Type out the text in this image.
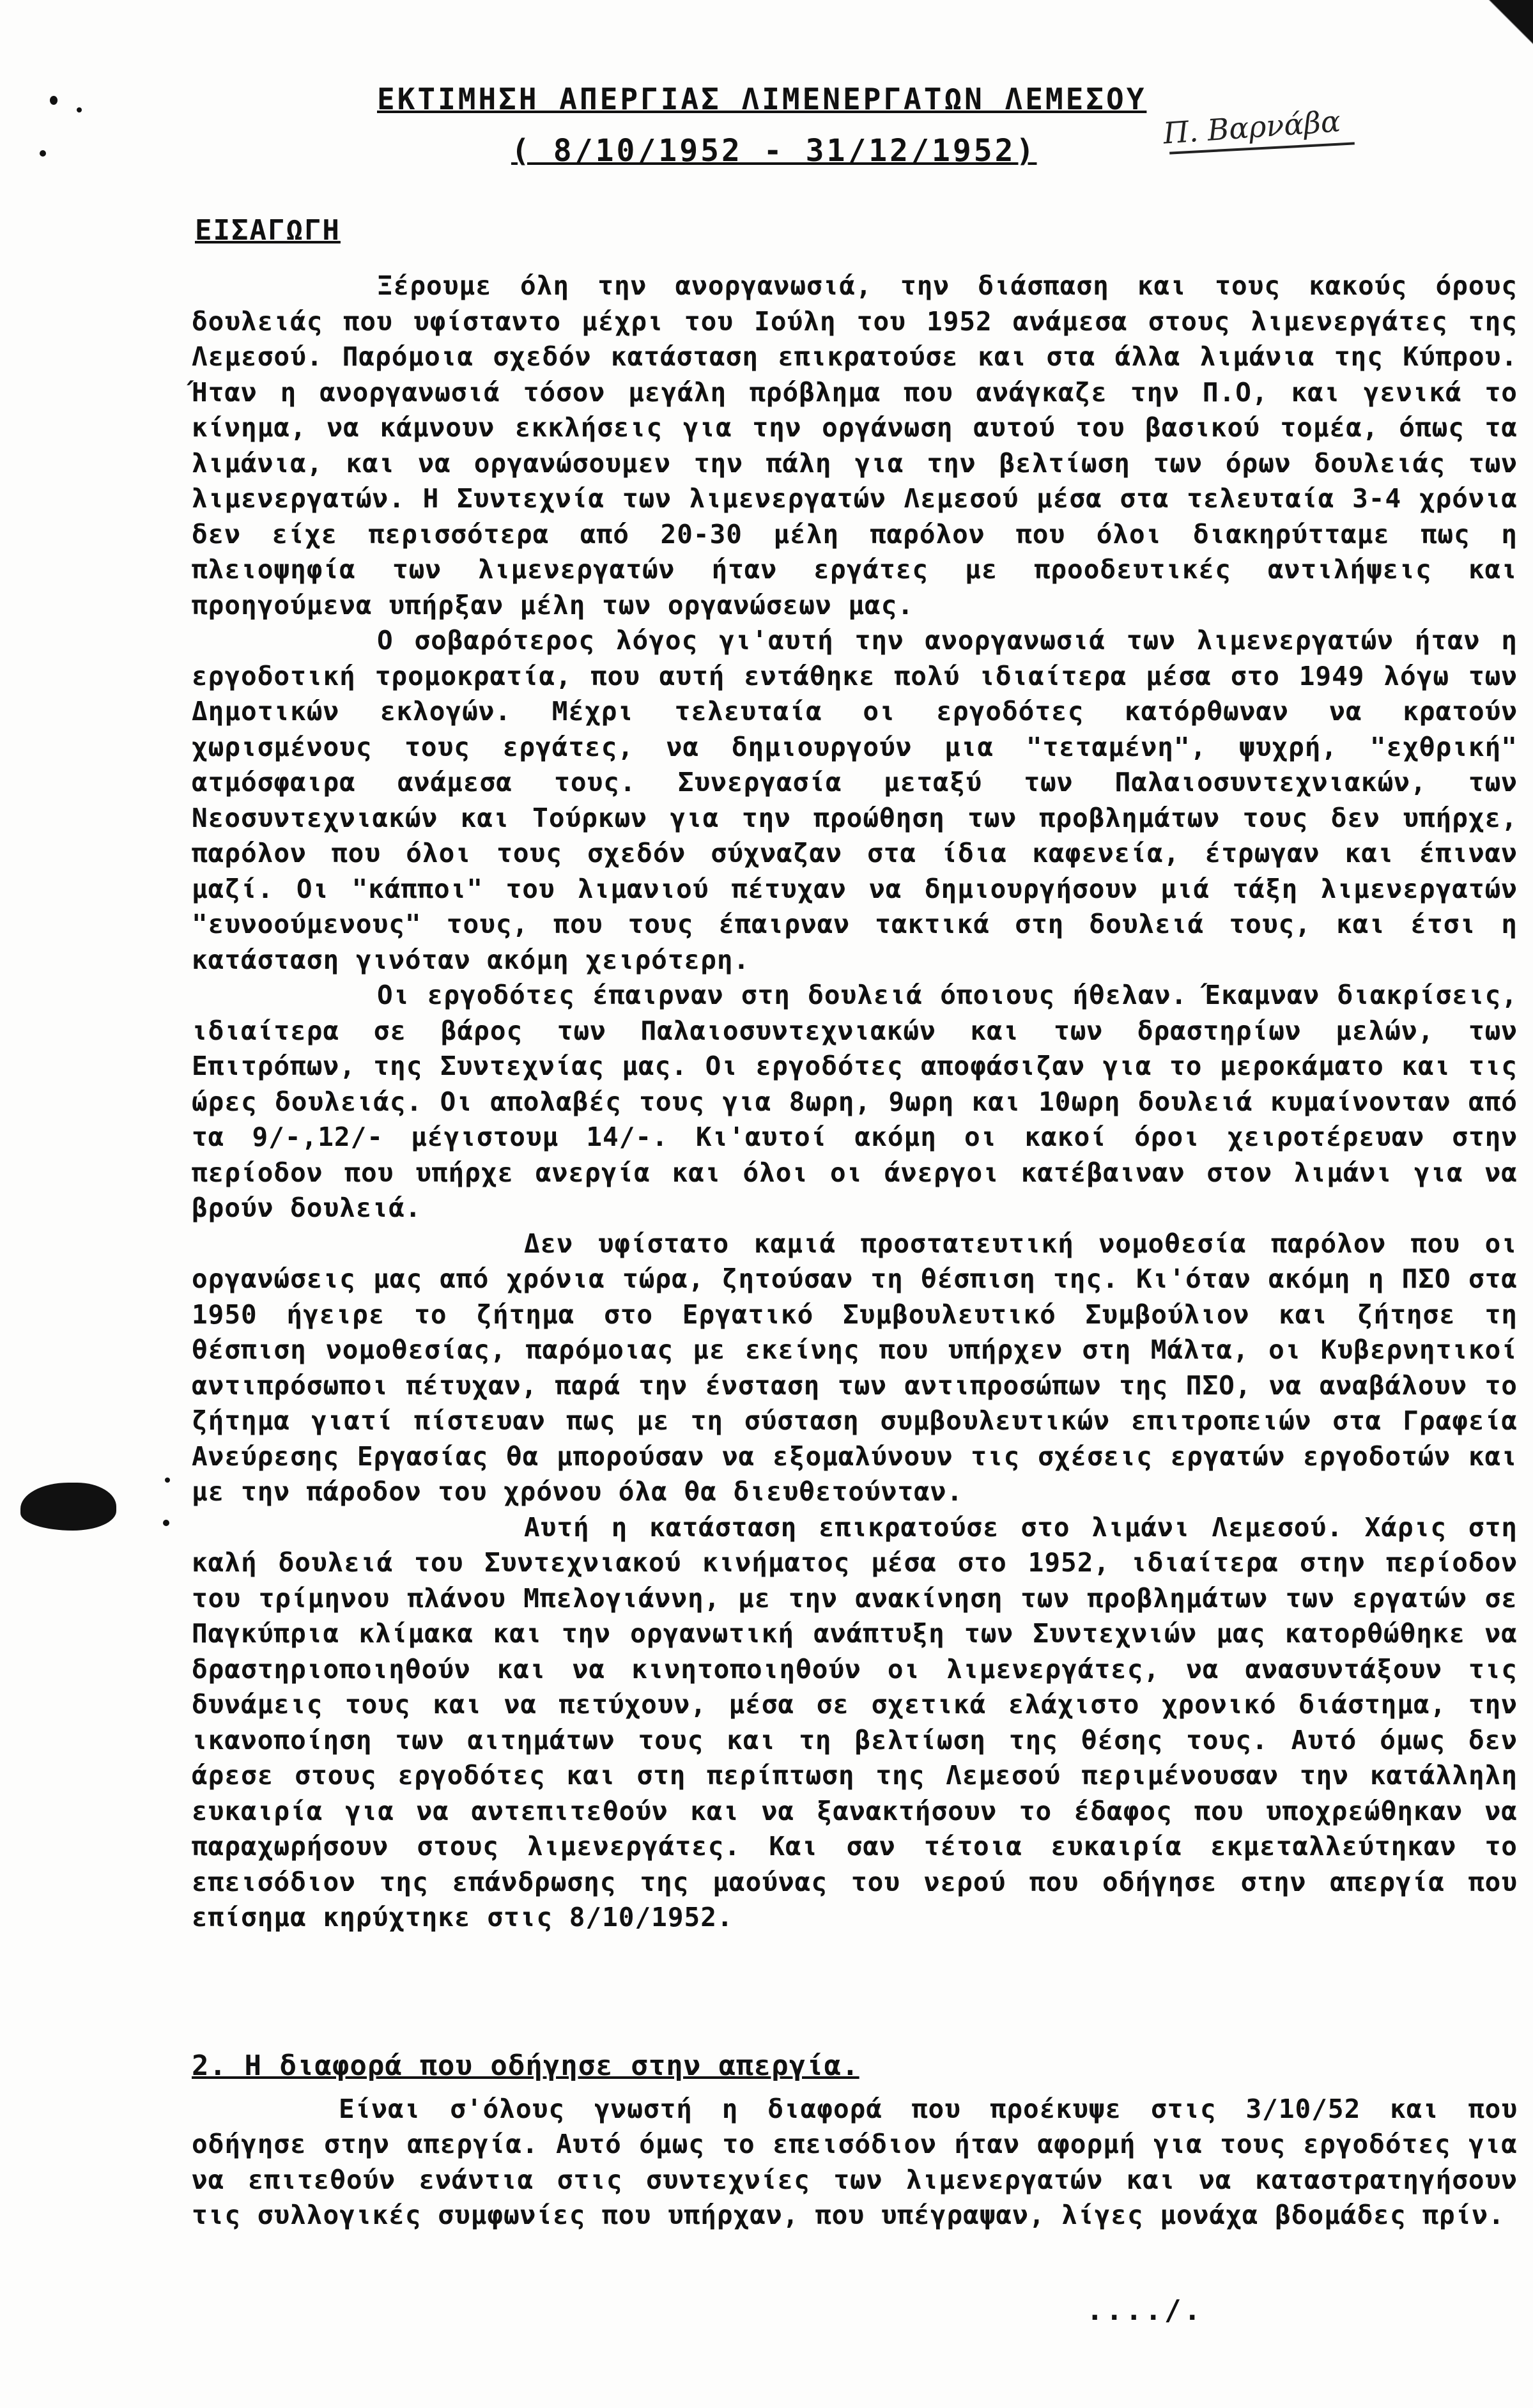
ΕΚΤΙΜΗΣΗ ΑΠΕΡΓΙΑΣ ΛΙΜΕΝΕΡΓΑΤΩΝ ΛΕΜΕΣΟΥ
( 8/10/1952 - 31/12/1952)
Π. Βαρνάβα
ΕΙΣΑΓΩΓΗ

Ξέρουμε όλη την ανοργανωσιά, την διάσπαση και τους κακούς όρους δουλειάς που υφίσταντο μέχρι του Ιούλη του 1952 ανάμεσα στους λιμενεργάτες της Λεμεσού. Παρόμοια σχεδόν κατάσταση επικρατούσε και στα άλλα λιμάνια της Κύπρου. Ήταν η ανοργανωσιά τόσον μεγάλη πρόβλημα που ανάγκαζε την Π.Ο, και γενικά το κίνημα, να κάμνουν εκκλήσεις για την οργάνωση αυτού του βασικού τομέα, όπως τα λιμάνια, και να οργανώσουμεν την πάλη για την βελτίωση των όρων δουλειάς των λιμενεργατών. Η Συντεχνία των λιμενεργατών Λεμεσού μέσα στα τελευταία 3-4 χρόνια δεν είχε περισσότερα από 20-30 μέλη παρόλον που όλοι διακηρύτταμε πως η πλειοψηφία των λιμενεργατών ήταν εργάτες με προοδευτικές αντιλήψεις και προηγούμενα υπήρξαν μέλη των οργανώσεων μας.

Ο σοβαρότερος λόγος γι'αυτή την ανοργανωσιά των λιμενεργατών ήταν η εργοδοτική τρομοκρατία, που αυτή εντάθηκε πολύ ιδιαίτερα μέσα στο 1949 λόγω των Δημοτικών εκλογών. Μέχρι τελευταία οι εργοδότες κατόρθωναν να κρατούν χωρισμένους τους εργάτες, να δημιουργούν μια "τεταμένη", ψυχρή, "εχθρική" ατμόσφαιρα ανάμεσα τους. Συνεργασία μεταξύ των Παλαιοσυντεχνιακών, των Νεοσυντεχνιακών και Τούρκων για την προώθηση των προβλημάτων τους δεν υπήρχε, παρόλον που όλοι τους σχεδόν σύχναζαν στα ίδια καφενεία, έτρωγαν και έπιναν μαζί. Οι "κάπποι" του λιμανιού πέτυχαν να δημιουργήσουν μιά τάξη λιμενεργατών "ευνοούμενους" τους, που τους έπαιρναν τακτικά στη δουλειά τους, και έτσι η κατάσταση γινόταν ακόμη χειρότερη.

Οι εργοδότες έπαιρναν στη δουλειά όποιους ήθελαν. Έκαμναν διακρίσεις, ιδιαίτερα σε βάρος των Παλαιοσυντεχνιακών και των δραστηρίων μελών, των Επιτρόπων, της Συντεχνίας μας. Οι εργοδότες αποφάσιζαν για το μεροκάματο και τις ώρες δουλειάς. Οι απολαβές τους για 8ωρη, 9ωρη και 10ωρη δουλειά κυμαίνονταν από τα 9/-,12/- μέγιστουμ 14/-. Κι'αυτοί ακόμη οι κακοί όροι χειροτέρευαν στην περίοδον που υπήρχε ανεργία και όλοι οι άνεργοι κατέβαιναν στον λιμάνι για να βρούν δουλειά.

Δεν υφίστατο καμιά προστατευτική νομοθεσία παρόλον που οι οργανώσεις μας από χρόνια τώρα, ζητούσαν τη θέσπιση της. Κι'όταν ακόμη η ΠΣΟ στα 1950 ήγειρε το ζήτημα στο Εργατικό Συμβουλευτικό Συμβούλιον και ζήτησε τη θέσπιση νομοθεσίας, παρόμοιας με εκείνης που υπήρχεν στη Μάλτα, οι Κυβερνητικοί αντιπρόσωποι πέτυχαν, παρά την ένσταση των αντιπροσώπων της ΠΣΟ, να αναβάλουν το ζήτημα γιατί πίστευαν πως με τη σύσταση συμβουλευτικών επιτροπειών στα Γραφεία Ανεύρεσης Εργασίας θα μπορούσαν να εξομαλύνουν τις σχέσεις εργατών εργοδοτών και με την πάροδον του χρόνου όλα θα διευθετούνταν.

Αυτή η κατάσταση επικρατούσε στο λιμάνι Λεμεσού. Χάρις στη καλή δουλειά του Συντεχνιακού κινήματος μέσα στο 1952, ιδιαίτερα στην περίοδον του τρίμηνου πλάνου Μπελογιάννη, με την ανακίνηση των προβλημάτων των εργατών σε Παγκύπρια κλίμακα και την οργανωτική ανάπτυξη των Συντεχνιών μας κατορθώθηκε να δραστηριοποιηθούν και να κινητοποιηθούν οι λιμενεργάτες, να ανασυντάξουν τις δυνάμεις τους και να πετύχουν, μέσα σε σχετικά ελάχιστο χρονικό διάστημα, την ικανοποίηση των αιτημάτων τους και τη βελτίωση της θέσης τους. Αυτό όμως δεν άρεσε στους εργοδότες και στη περίπτωση της Λεμεσού περιμένουσαν την κατάλληλη ευκαιρία για να αντεπιτεθούν και να ξανακτήσουν το έδαφος που υποχρεώθηκαν να παραχωρήσουν στους λιμενεργάτες. Και σαν τέτοια ευκαιρία εκμεταλλεύτηκαν το επεισόδιον της επάνδρωσης της μαούνας του νερού που οδήγησε στην απεργία που επίσημα κηρύχτηκε στις 8/10/1952.

2. Η διαφορά που οδήγησε στην απεργία.

Είναι σ'όλους γνωστή η διαφορά που προέκυψε στις 3/10/52 και που οδήγησε στην απεργία. Αυτό όμως το επεισόδιον ήταν αφορμή για τους εργοδότες για να επιτεθούν ενάντια στις συντεχνίες των λιμενεργατών και να καταστρατηγήσουν τις συλλογικές συμφωνίες που υπήρχαν, που υπέγραψαν, λίγες μονάχα βδομάδες πρίν.

..../.
